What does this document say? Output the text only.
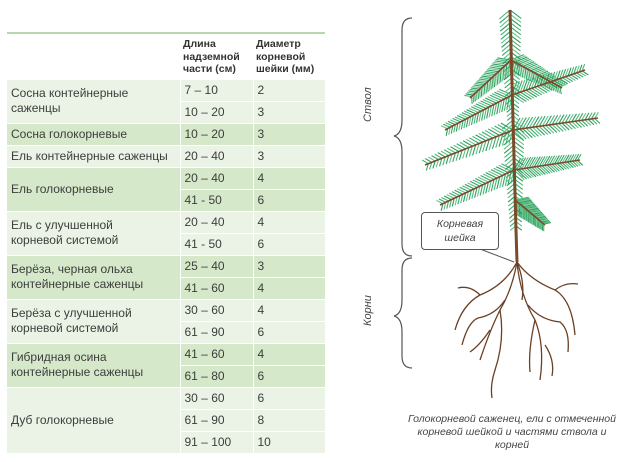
	Длина
надземной
части (см)	Диаметр
корневой
шейки (мм)
Сосна контейнерные
саженцы	7 – 10	2
	10 – 20	3
Сосна голокорневые	10 – 20	3
Ель контейнерные саженцы	20 – 40	3
Ель голокорневые	20 – 40	4
	41 - 50	6
Ель с улучшенной
корневой системой	20 – 40	4
	41 - 50	6
Берёза, черная ольха
контейнерные саженцы	25 – 40	3
	41 – 60	4
Берёза с улучшенной
корневой системой	30 – 60	4
	61 – 90	6
Гибридная осина
контейнерные саженцы	41 – 60	4
	61 – 80	6
Дуб голокорневые	30 – 60	6
	61 – 90	8
	91 – 100	10
Ствол
Корни
Корневая
шейка
Голокорневой саженец, ели с отмеченной корневой шейкой и частями ствола и корней
